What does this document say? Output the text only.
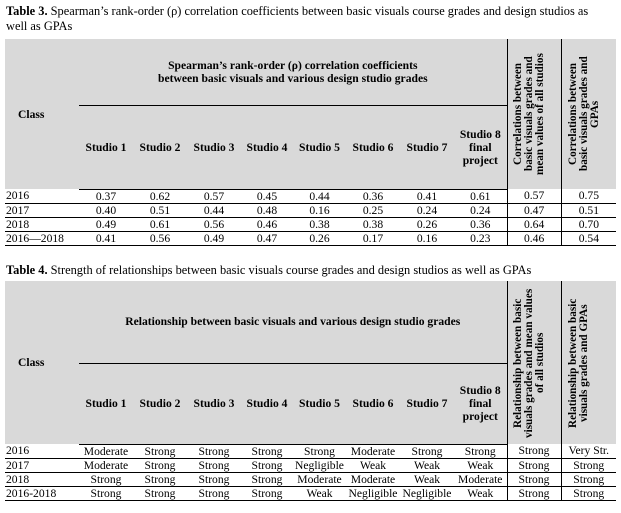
Table 3. Spearman’s rank-order (ρ) correlation coefficients between basic visuals course grades and design studios as well as GPAs
Class	Spearman’s rank-order (ρ) correlation coefficients
between basic visuals and various design studio grades								Correlations between basic visuals grades and mean values of all studios	Correlations between basic visuals grades and GPAs

	Studio 1	Studio 2	Studio 3	Studio 4	Studio 5	Studio 6	Studio 7	Studio 8
final
project		

2016	0.37	0.62	0.57	0.45	0.44	0.36	0.41	0.61	0.57	0.75
2017	0.40	0.51	0.44	0.48	0.16	0.25	0.24	0.24	0.47	0.51
2018	0.49	0.61	0.56	0.46	0.38	0.38	0.26	0.36	0.64	0.70
2016—2018	0.41	0.56	0.49	0.47	0.26	0.17	0.16	0.23	0.46	0.54
Table 4. Strength of relationships between basic visuals course grades and design studios as well as GPAs
Class	Relationship between basic visuals and various design studio grades								Relationship between basic visuals grades and mean values of all studios	Relationship between basic visuals grades and GPAs

	Studio 1	Studio 2	Studio 3	Studio 4	Studio 5	Studio 6	Studio 7	Studio 8
final
project		

2016	Moderate	Strong	Strong	Strong	Strong	Moderate	Strong	Strong	Strong	Very Str.
2017	Moderate	Strong	Strong	Strong	Negligible	Weak	Weak	Weak	Strong	Strong
2018	Strong	Strong	Strong	Strong	Moderate	Moderate	Weak	Moderate	Strong	Strong
2016-2018	Strong	Strong	Strong	Strong	Weak	Negligible	Negligible	Weak	Strong	Strong
